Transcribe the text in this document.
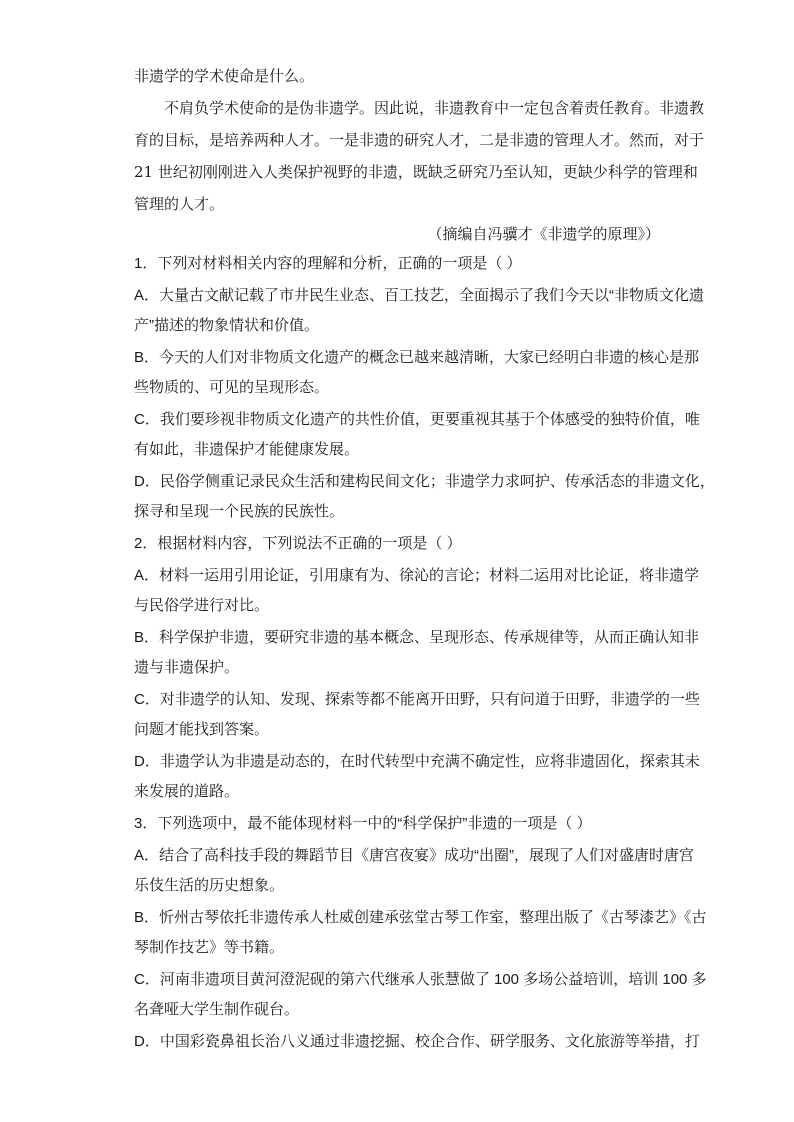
非遗学的学术使命是什么。
不肩负学术使命的是伪非遗学。因此说，非遗教育中一定包含着责任教育。非遗教
育的目标，是培养两种人才。一是非遗的研究人才，二是非遗的管理人才。然而，对于
21 世纪初刚刚进入人类保护视野的非遗，既缺乏研究乃至认知，更缺少科学的管理和
管理的人才。
（摘编自冯骥才《非遗学的原理》）
1．下列对材料相关内容的理解和分析，正确的一项是（ ）
A．大量古文献记载了市井民生业态、百工技艺，全面揭示了我们今天以“非物质文化遗
产”描述的物象情状和价值。
B．今天的人们对非物质文化遗产的概念已越来越清晰，大家已经明白非遗的核心是那
些物质的、可见的呈现形态。
C．我们要珍视非物质文化遗产的共性价值，更要重视其基于个体感受的独特价值，唯
有如此，非遗保护才能健康发展。
D．民俗学侧重记录民众生活和建构民间文化；非遗学力求呵护、传承活态的非遗文化，
探寻和呈现一个民族的民族性。
2．根据材料内容，下列说法不正确的一项是（ ）
A．材料一运用引用论证，引用康有为、徐沁的言论；材料二运用对比论证，将非遗学
与民俗学进行对比。
B．科学保护非遗，要研究非遗的基本概念、呈现形态、传承规律等，从而正确认知非
遗与非遗保护。
C．对非遗学的认知、发现、探索等都不能离开田野，只有问道于田野，非遗学的一些
问题才能找到答案。
D．非遗学认为非遗是动态的，在时代转型中充满不确定性，应将非遗固化，探索其未
来发展的道路。
3．下列选项中，最不能体现材料一中的“科学保护”非遗的一项是（ ）
A．结合了高科技手段的舞蹈节目《唐宫夜宴》成功“出圈”，展现了人们对盛唐时唐宫
乐伎生活的历史想象。
B．忻州古琴依托非遗传承人杜威创建承弦堂古琴工作室，整理出版了《古琴漆艺》《古
琴制作技艺》等书籍。
C．河南非遗项目黄河澄泥砚的第六代继承人张慧做了 100 多场公益培训，培训 100 多
名聋哑大学生制作砚台。
D．中国彩瓷鼻祖长治八义通过非遗挖掘、校企合作、研学服务、文化旅游等举措，打
